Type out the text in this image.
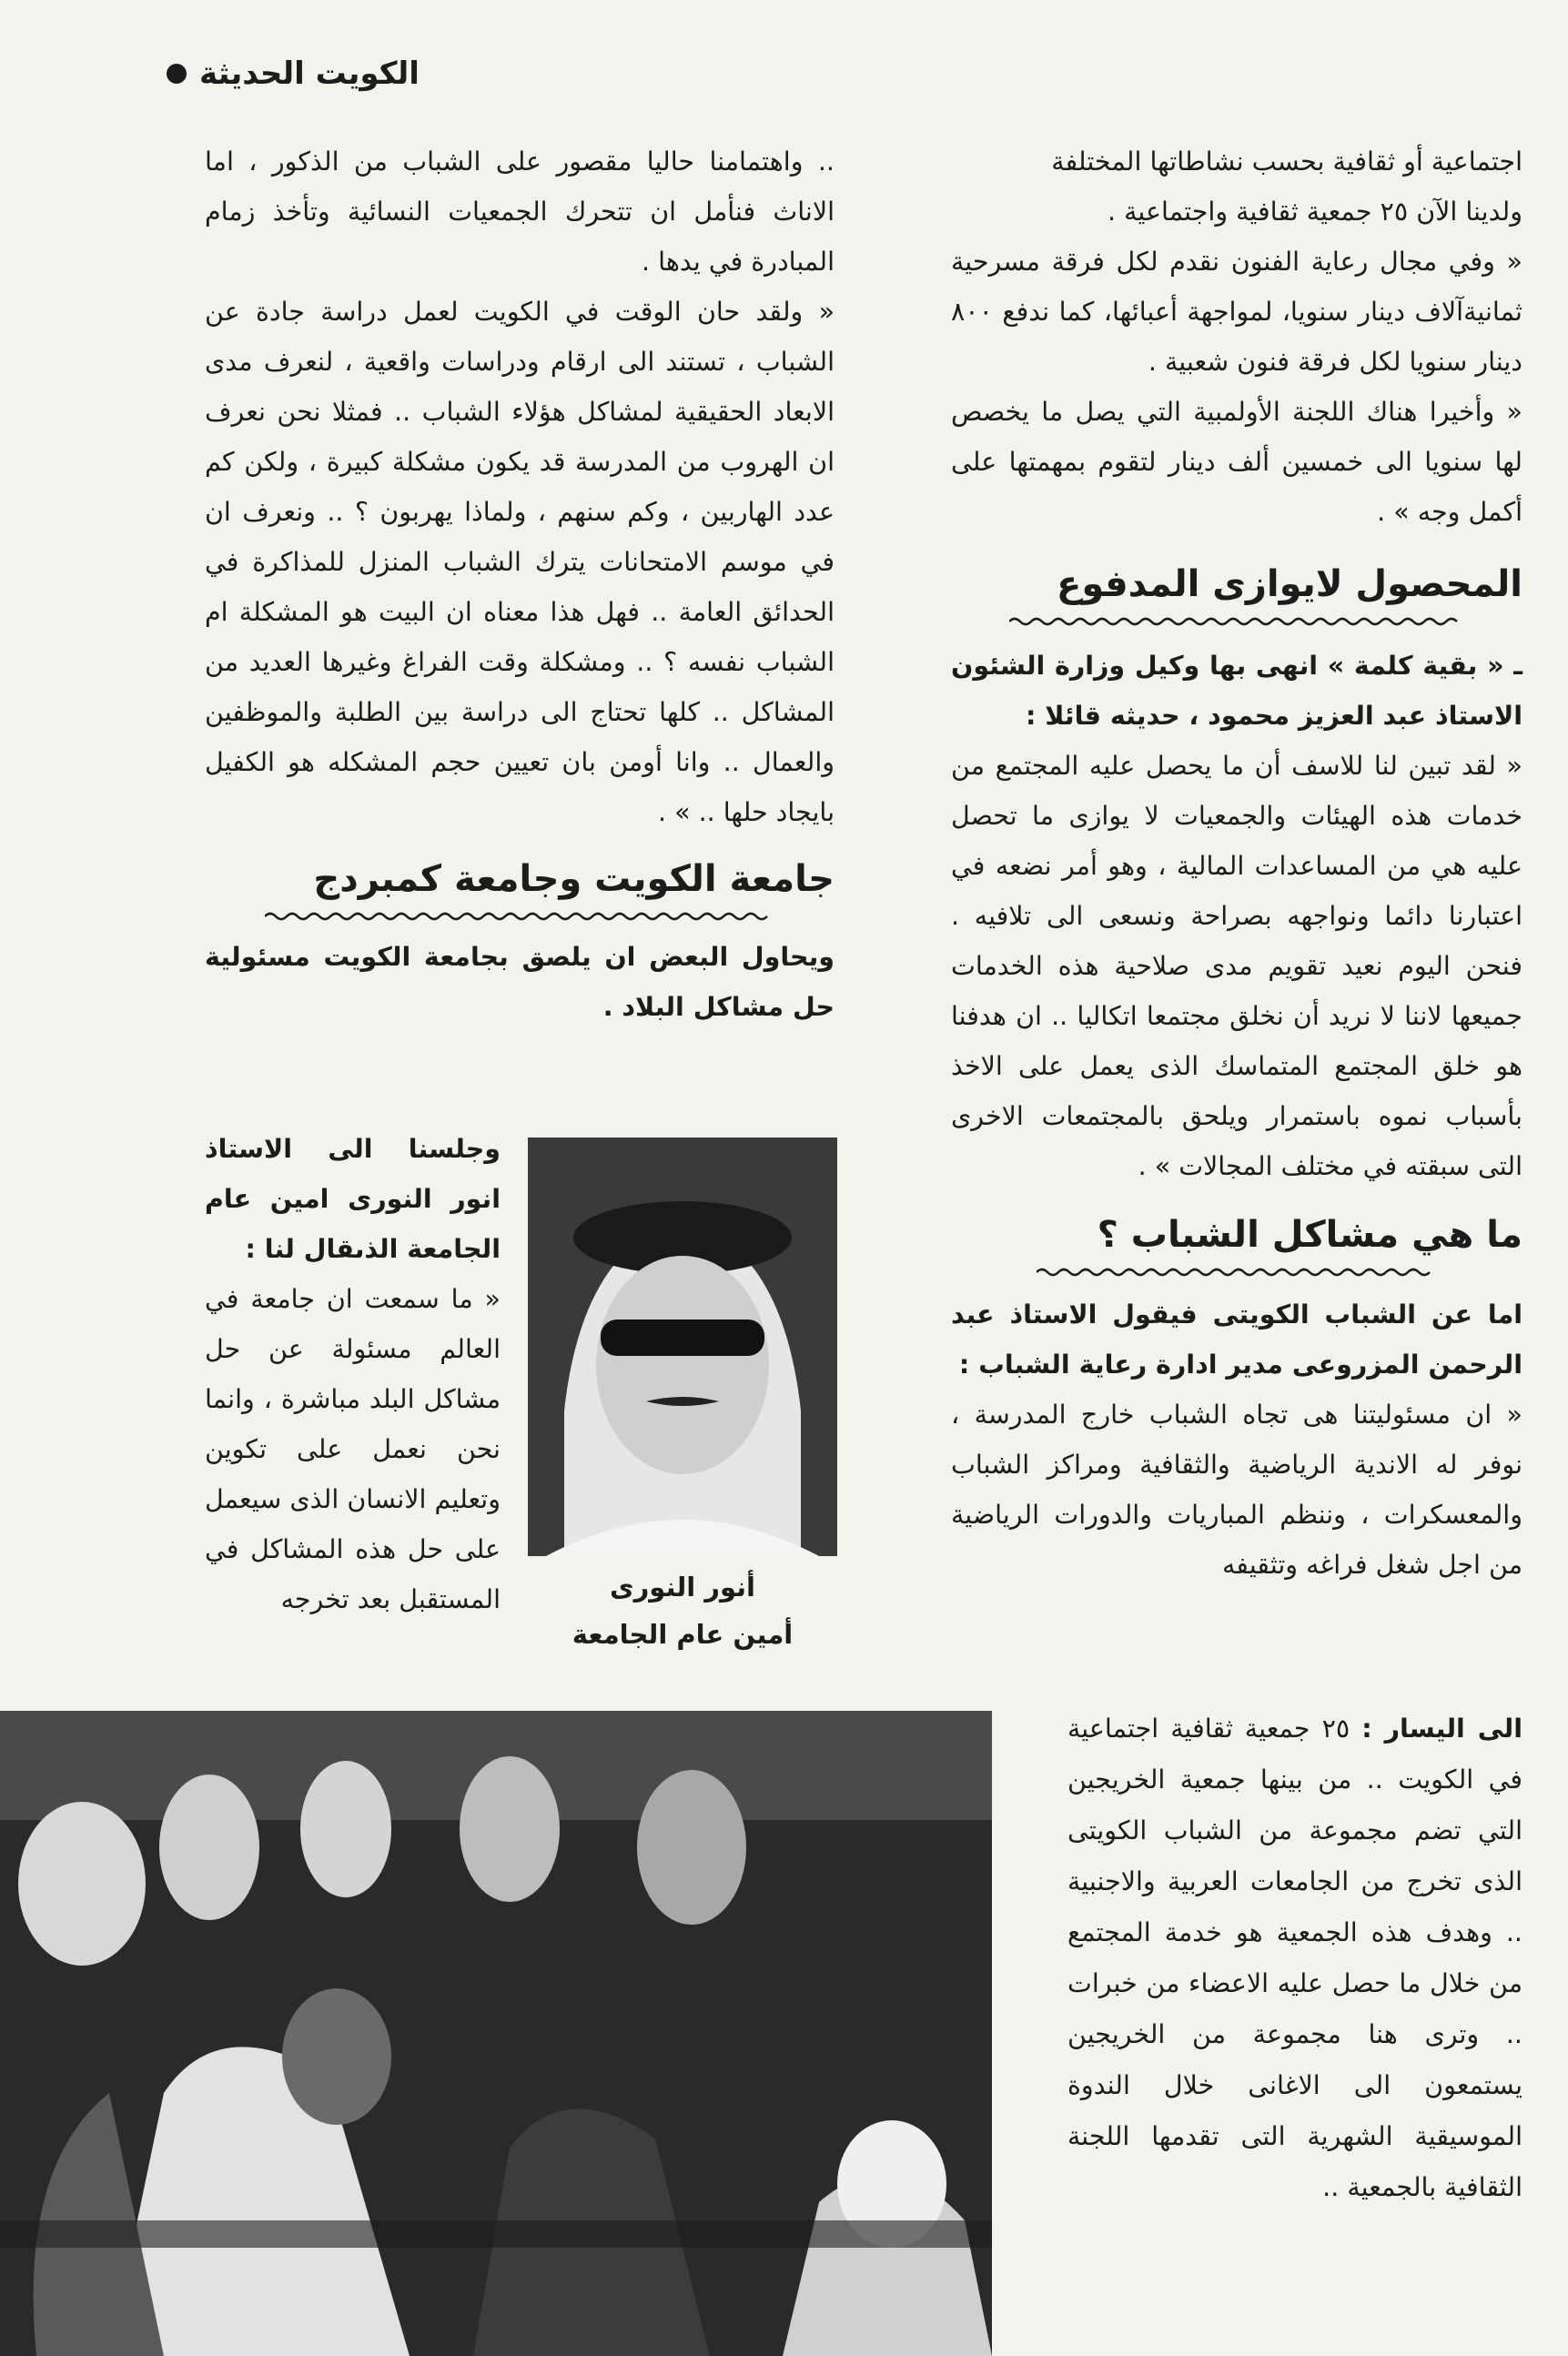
الكويت الحديثة

اجتماعية أو ثقافية بحسب نشاطاتها المختلفة

ولدينا الآن ٢٥ جمعية ثقافية واجتماعية .

« وفي مجال رعاية الفنون نقدم لكل فرقة مسرحية ثمانيةآلاف دينار سنويا، لمواجهة أعبائها، كما ندفع ٨٠٠ دينار سنويا لكل فرقة فنون شعبية .

« وأخيرا هناك اللجنة الأولمبية التي يصل ما يخصص لها سنويا الى خمسين ألف دينار لتقوم بمهمتها على أكمل وجه » .

المحصول لايوازى المدفوع

ـ « بقية كلمة » انهى بها وكيل وزارة الشئون الاستاذ عبد العزيز محمود ، حديثه قائلا :

« لقد تبين لنا للاسف أن ما يحصل عليه المجتمع من خدمات هذه الهيئات والجمعيات لا يوازى ما تحصل عليه هي من المساعدات المالية ، وهو أمر نضعه في اعتبارنا دائما ونواجهه بصراحة ونسعى الى تلافيه . فنحن اليوم نعيد تقويم مدى صلاحية هذه الخدمات جميعها لاننا لا نريد أن نخلق مجتمعا اتكاليا .. ان هدفنا هو خلق المجتمع المتماسك الذى يعمل على الاخذ بأسباب نموه باستمرار ويلحق بالمجتمعات الاخرى التى سبقته في مختلف المجالات » .

ما هي مشاكل الشباب ؟

اما عن الشباب الكويتى فيقول الاستاذ عبد الرحمن المزروعى مدير ادارة رعاية الشباب :

« ان مسئوليتنا هى تجاه الشباب خارج المدرسة ، نوفر له الاندية الرياضية والثقافية ومراكز الشباب والمعسكرات ، وننظم المباريات والدورات الرياضية من اجل شغل فراغه وتثقيفه

.. واهتمامنا حاليا مقصور على الشباب من الذكور ، اما الاناث فنأمل ان تتحرك الجمعيات النسائية وتأخذ زمام المبادرة في يدها .

« ولقد حان الوقت في الكويت لعمل دراسة جادة عن الشباب ، تستند الى ارقام ودراسات واقعية ، لنعرف مدى الابعاد الحقيقية لمشاكل هؤلاء الشباب .. فمثلا نحن نعرف ان الهروب من المدرسة قد يكون مشكلة كبيرة ، ولكن كم عدد الهاربين ، وكم سنهم ، ولماذا يهربون ؟ .. ونعرف ان في موسم الامتحانات يترك الشباب المنزل للمذاكرة في الحدائق العامة .. فهل هذا معناه ان البيت هو المشكلة ام الشباب نفسه ؟ .. ومشكلة وقت الفراغ وغيرها العديد من المشاكل .. كلها تحتاج الى دراسة بين الطلبة والموظفين والعمال .. وانا أومن بان تعيين حجم المشكله هو الكفيل بايجاد حلها .. » .

جامعة الكويت وجامعة كمبردج

ويحاول البعض ان يلصق بجامعة الكويت مسئولية حل مشاكل البلاد .

وجلسنا الى الاستاذ انور النورى امين عام الجامعة الذىقال لنا :

« ما سمعت ان جامعة في العالم مسئولة عن حل مشاكل البلد مباشرة ، وانما نحن نعمل على تكوين وتعليم الانسان الذى سيعمل على حل هذه المشاكل في المستقبل بعد تخرجه	أنور النورى
أمين عام الجامعة

الى اليسار : ٢٥ جمعية ثقافية اجتماعية في الكويت .. من بينها جمعية الخريجين التي تضم مجموعة من الشباب الكويتى الذى تخرج من الجامعات العربية والاجنبية .. وهدف هذه الجمعية هو خدمة المجتمع من خلال ما حصل عليه الاعضاء من خبرات .. وترى هنا مجموعة من الخريجين يستمعون الى الاغانى خلال الندوة الموسيقية الشهرية التى تقدمها اللجنة الثقافية بالجمعية ..
